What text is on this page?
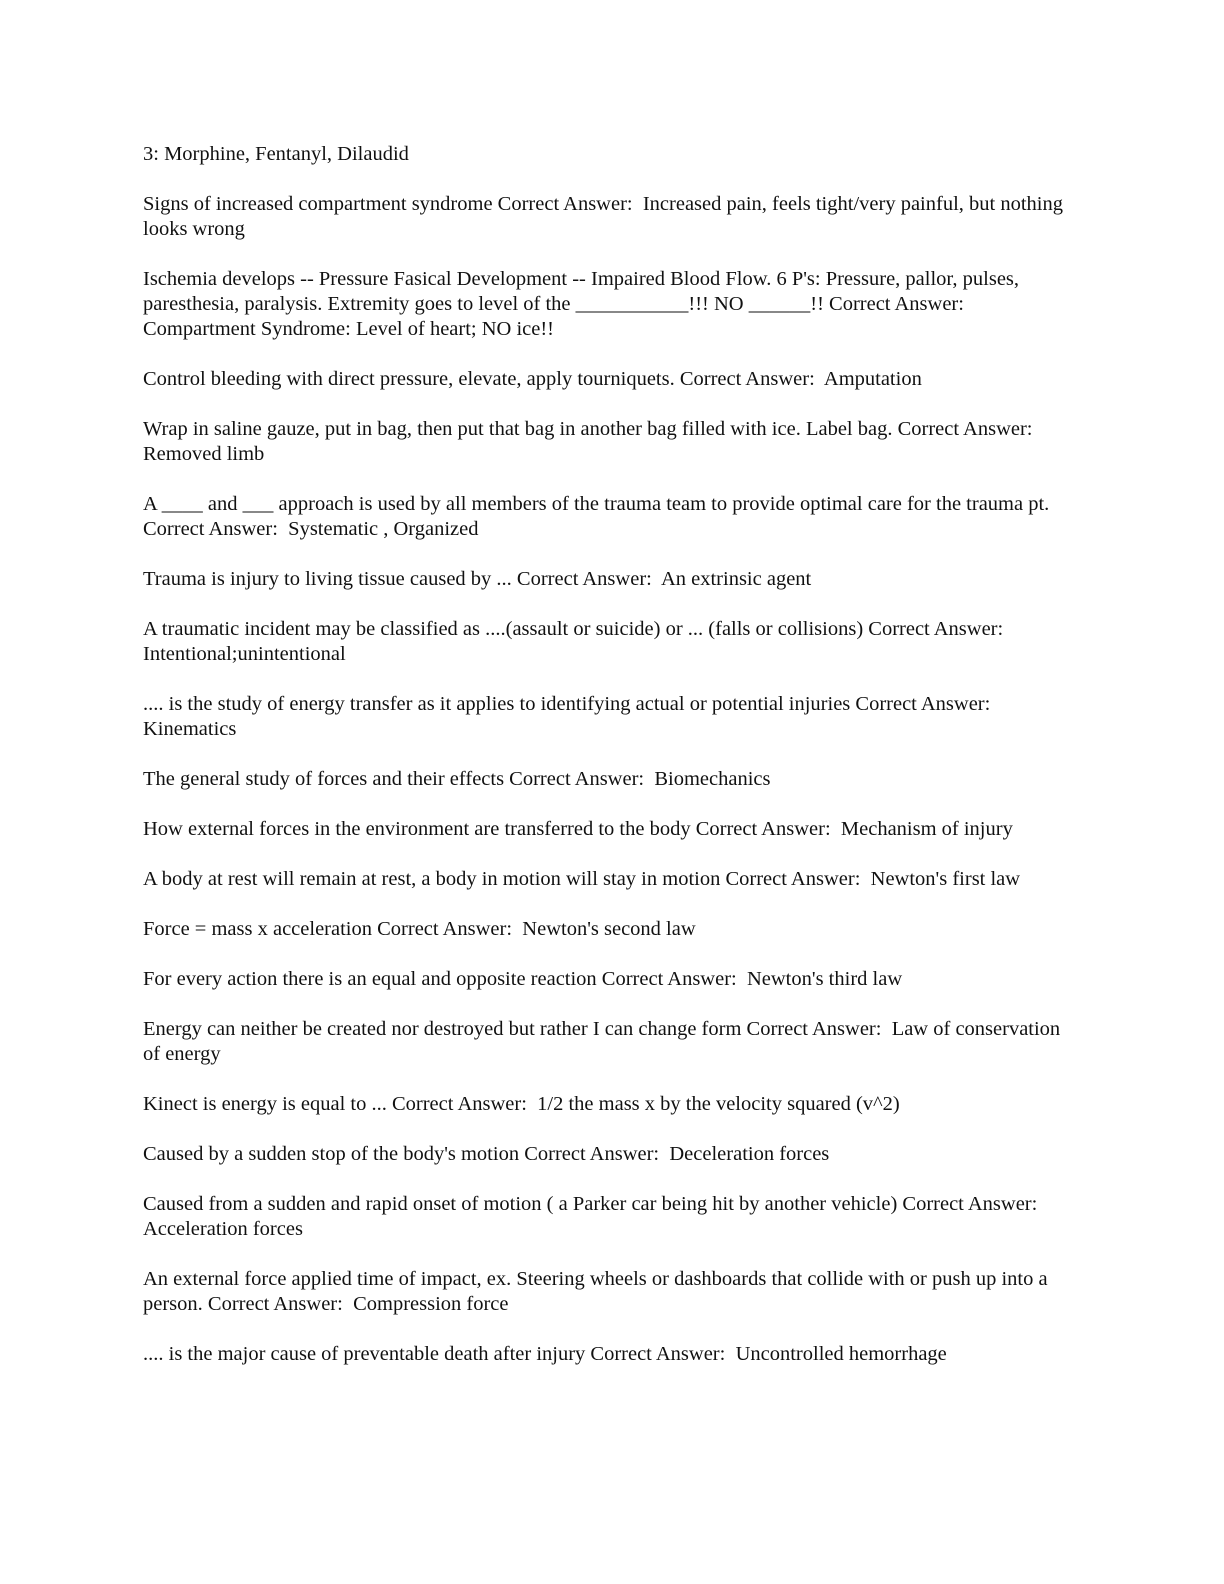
3: Morphine, Fentanyl, Dilaudid

Signs of increased compartment syndrome Correct Answer:  Increased pain, feels tight/very painful, but nothing looks wrong

Ischemia develops -- Pressure Fasical Development -- Impaired Blood Flow. 6 P's: Pressure, pallor, pulses, paresthesia, paralysis. Extremity goes to level of the ___________!!! NO ______!! Correct Answer:  Compartment Syndrome: Level of heart; NO ice!!

Control bleeding with direct pressure, elevate, apply tourniquets. Correct Answer:  Amputation

Wrap in saline gauze, put in bag, then put that bag in another bag filled with ice. Label bag. Correct Answer:  Removed limb

A ____ and ___ approach is used by all members of the trauma team to provide optimal care for the trauma pt. Correct Answer:  Systematic , Organized

Trauma is injury to living tissue caused by ... Correct Answer:  An extrinsic agent

A traumatic incident may be classified as ....(assault or suicide) or ... (falls or collisions) Correct Answer:  Intentional;unintentional

.... is the study of energy transfer as it applies to identifying actual or potential injuries Correct Answer:  Kinematics

The general study of forces and their effects Correct Answer:  Biomechanics

How external forces in the environment are transferred to the body Correct Answer:  Mechanism of injury

A body at rest will remain at rest, a body in motion will stay in motion Correct Answer:  Newton's first law

Force = mass x acceleration Correct Answer:  Newton's second law

For every action there is an equal and opposite reaction Correct Answer:  Newton's third law

Energy can neither be created nor destroyed but rather I can change form Correct Answer:  Law of conservation of energy

Kinect is energy is equal to ... Correct Answer:  1/2 the mass x by the velocity squared (v^2)

Caused by a sudden stop of the body's motion Correct Answer:  Deceleration forces

Caused from a sudden and rapid onset of motion ( a Parker car being hit by another vehicle) Correct Answer:  Acceleration forces

An external force applied time of impact, ex. Steering wheels or dashboards that collide with or push up into a person. Correct Answer:  Compression force

.... is the major cause of preventable death after injury Correct Answer:  Uncontrolled hemorrhage
